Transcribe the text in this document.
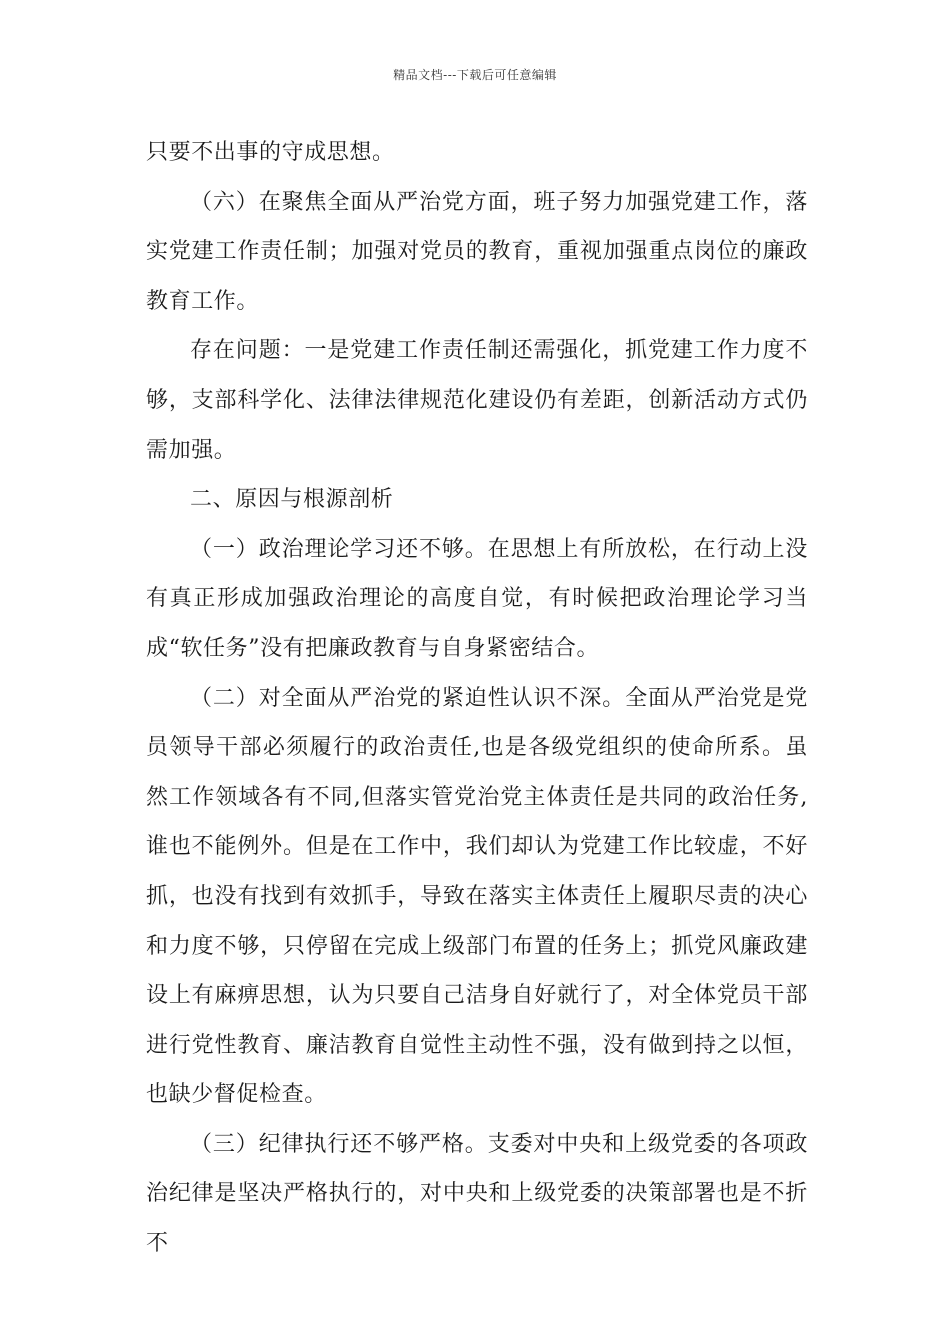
精品文档---下载后可任意编辑

只要不出事的守成思想。

（六）在聚焦全面从严治党方面，班子努力加强党建工作，落实党建工作责任制；加强对党员的教育，重视加强重点岗位的廉政教育工作。

存在问题：一是党建工作责任制还需强化，抓党建工作力度不够，支部科学化、法律法律规范化建设仍有差距，创新活动方式仍需加强。

二、原因与根源剖析

（一）政治理论学习还不够。在思想上有所放松，在行动上没有真正形成加强政治理论的高度自觉，有时候把政治理论学习当成“软任务”没有把廉政教育与自身紧密结合。

（二）对全面从严治党的紧迫性认识不深。全面从严治党是党员领导干部必须履行的政治责任,也是各级党组织的使命所系。虽然工作领域各有不同,但落实管党治党主体责任是共同的政治任务,谁也不能例外。但是在工作中，我们却认为党建工作比较虚，不好抓，也没有找到有效抓手，导致在落实主体责任上履职尽责的决心和力度不够，只停留在完成上级部门布置的任务上；抓党风廉政建设上有麻痹思想，认为只要自己洁身自好就行了，对全体党员干部进行党性教育、廉洁教育自觉性主动性不强，没有做到持之以恒，也缺少督促检查。

（三）纪律执行还不够严格。支委对中央和上级党委的各项政治纪律是坚决严格执行的，对中央和上级党委的决策部署也是不折不
